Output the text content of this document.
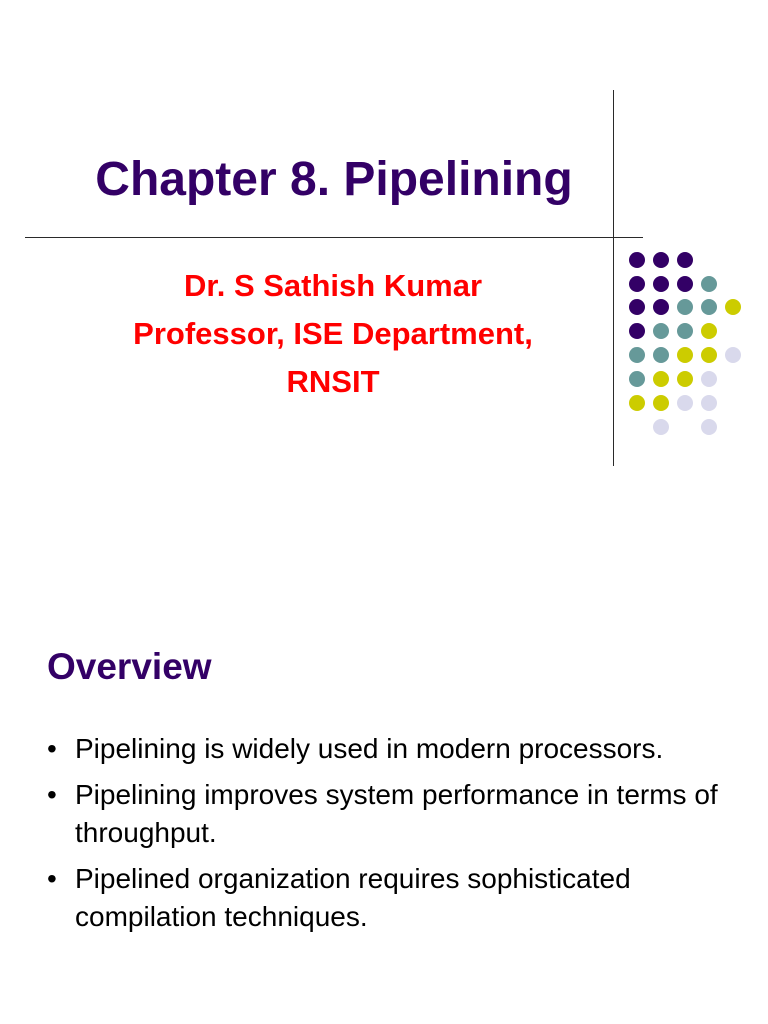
Chapter 8. Pipelining
Dr. S Sathish Kumar
Professor, ISE Department,
RNSIT
Overview
• Pipelining is widely used in modern processors.
• Pipelining improves system performance in terms of throughput.
• Pipelined organization requires sophisticated compilation techniques.
